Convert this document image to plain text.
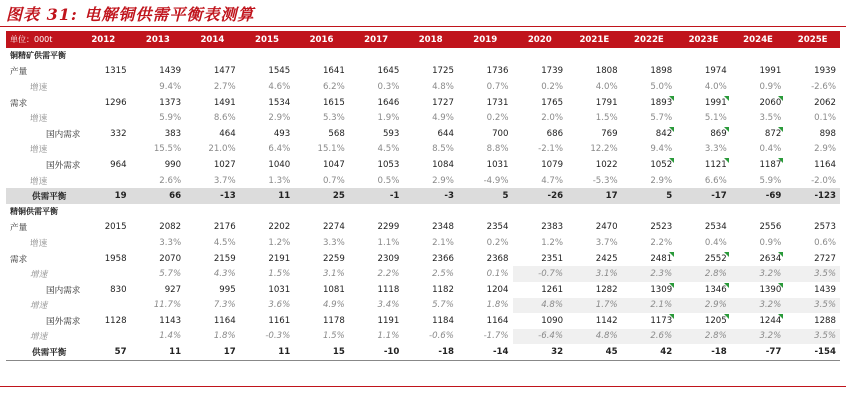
图表 31: 电解铜供需平衡表测算
单位：000t	2012	2013	2014	2015	2016	2017	2018	2019	2020	2021E	2022E	2023E	2024E	2025E
铜精矿供需平衡														
产量	1315	1439	1477	1545	1641	1645	1725	1736	1739	1808	1898	1974	1991	1939
增速		9.4%	2.7%	4.6%	6.2%	0.3%	4.8%	0.7%	0.2%	4.0%	5.0%	4.0%	0.9%	-2.6%
需求	1296	1373	1491	1534	1615	1646	1727	1731	1765	1791	1893	1991	2060	2062
增速		5.9%	8.6%	2.9%	5.3%	1.9%	4.9%	0.2%	2.0%	1.5%	5.7%	5.1%	3.5%	0.1%
国内需求	332	383	464	493	568	593	644	700	686	769	842	869	872	898
增速		15.5%	21.0%	6.4%	15.1%	4.5%	8.5%	8.8%	-2.1%	12.2%	9.4%	3.3%	0.4%	2.9%
国外需求	964	990	1027	1040	1047	1053	1084	1031	1079	1022	1052	1121	1187	1164
增速		2.6%	3.7%	1.3%	0.7%	0.5%	2.9%	-4.9%	4.7%	-5.3%	2.9%	6.6%	5.9%	-2.0%
供需平衡	19	66	-13	11	25	-1	-3	5	-26	17	5	-17	-69	-123
精铜供需平衡														
产量	2015	2082	2176	2202	2274	2299	2348	2354	2383	2470	2523	2534	2556	2573
增速		3.3%	4.5%	1.2%	3.3%	1.1%	2.1%	0.2%	1.2%	3.7%	2.2%	0.4%	0.9%	0.6%
需求	1958	2070	2159	2191	2259	2309	2366	2368	2351	2425	2481	2552	2634	2727
增速		5.7%	4.3%	1.5%	3.1%	2.2%	2.5%	0.1%	-0.7%	3.1%	2.3%	2.8%	3.2%	3.5%
国内需求	830	927	995	1031	1081	1118	1182	1204	1261	1282	1309	1346	1390	1439
增速		11.7%	7.3%	3.6%	4.9%	3.4%	5.7%	1.8%	4.8%	1.7%	2.1%	2.9%	3.2%	3.5%
国外需求	1128	1143	1164	1161	1178	1191	1184	1164	1090	1142	1173	1205	1244	1288
增速		1.4%	1.8%	-0.3%	1.5%	1.1%	-0.6%	-1.7%	-6.4%	4.8%	2.6%	2.8%	3.2%	3.5%
供需平衡	57	11	17	11	15	-10	-18	-14	32	45	42	-18	-77	-154
